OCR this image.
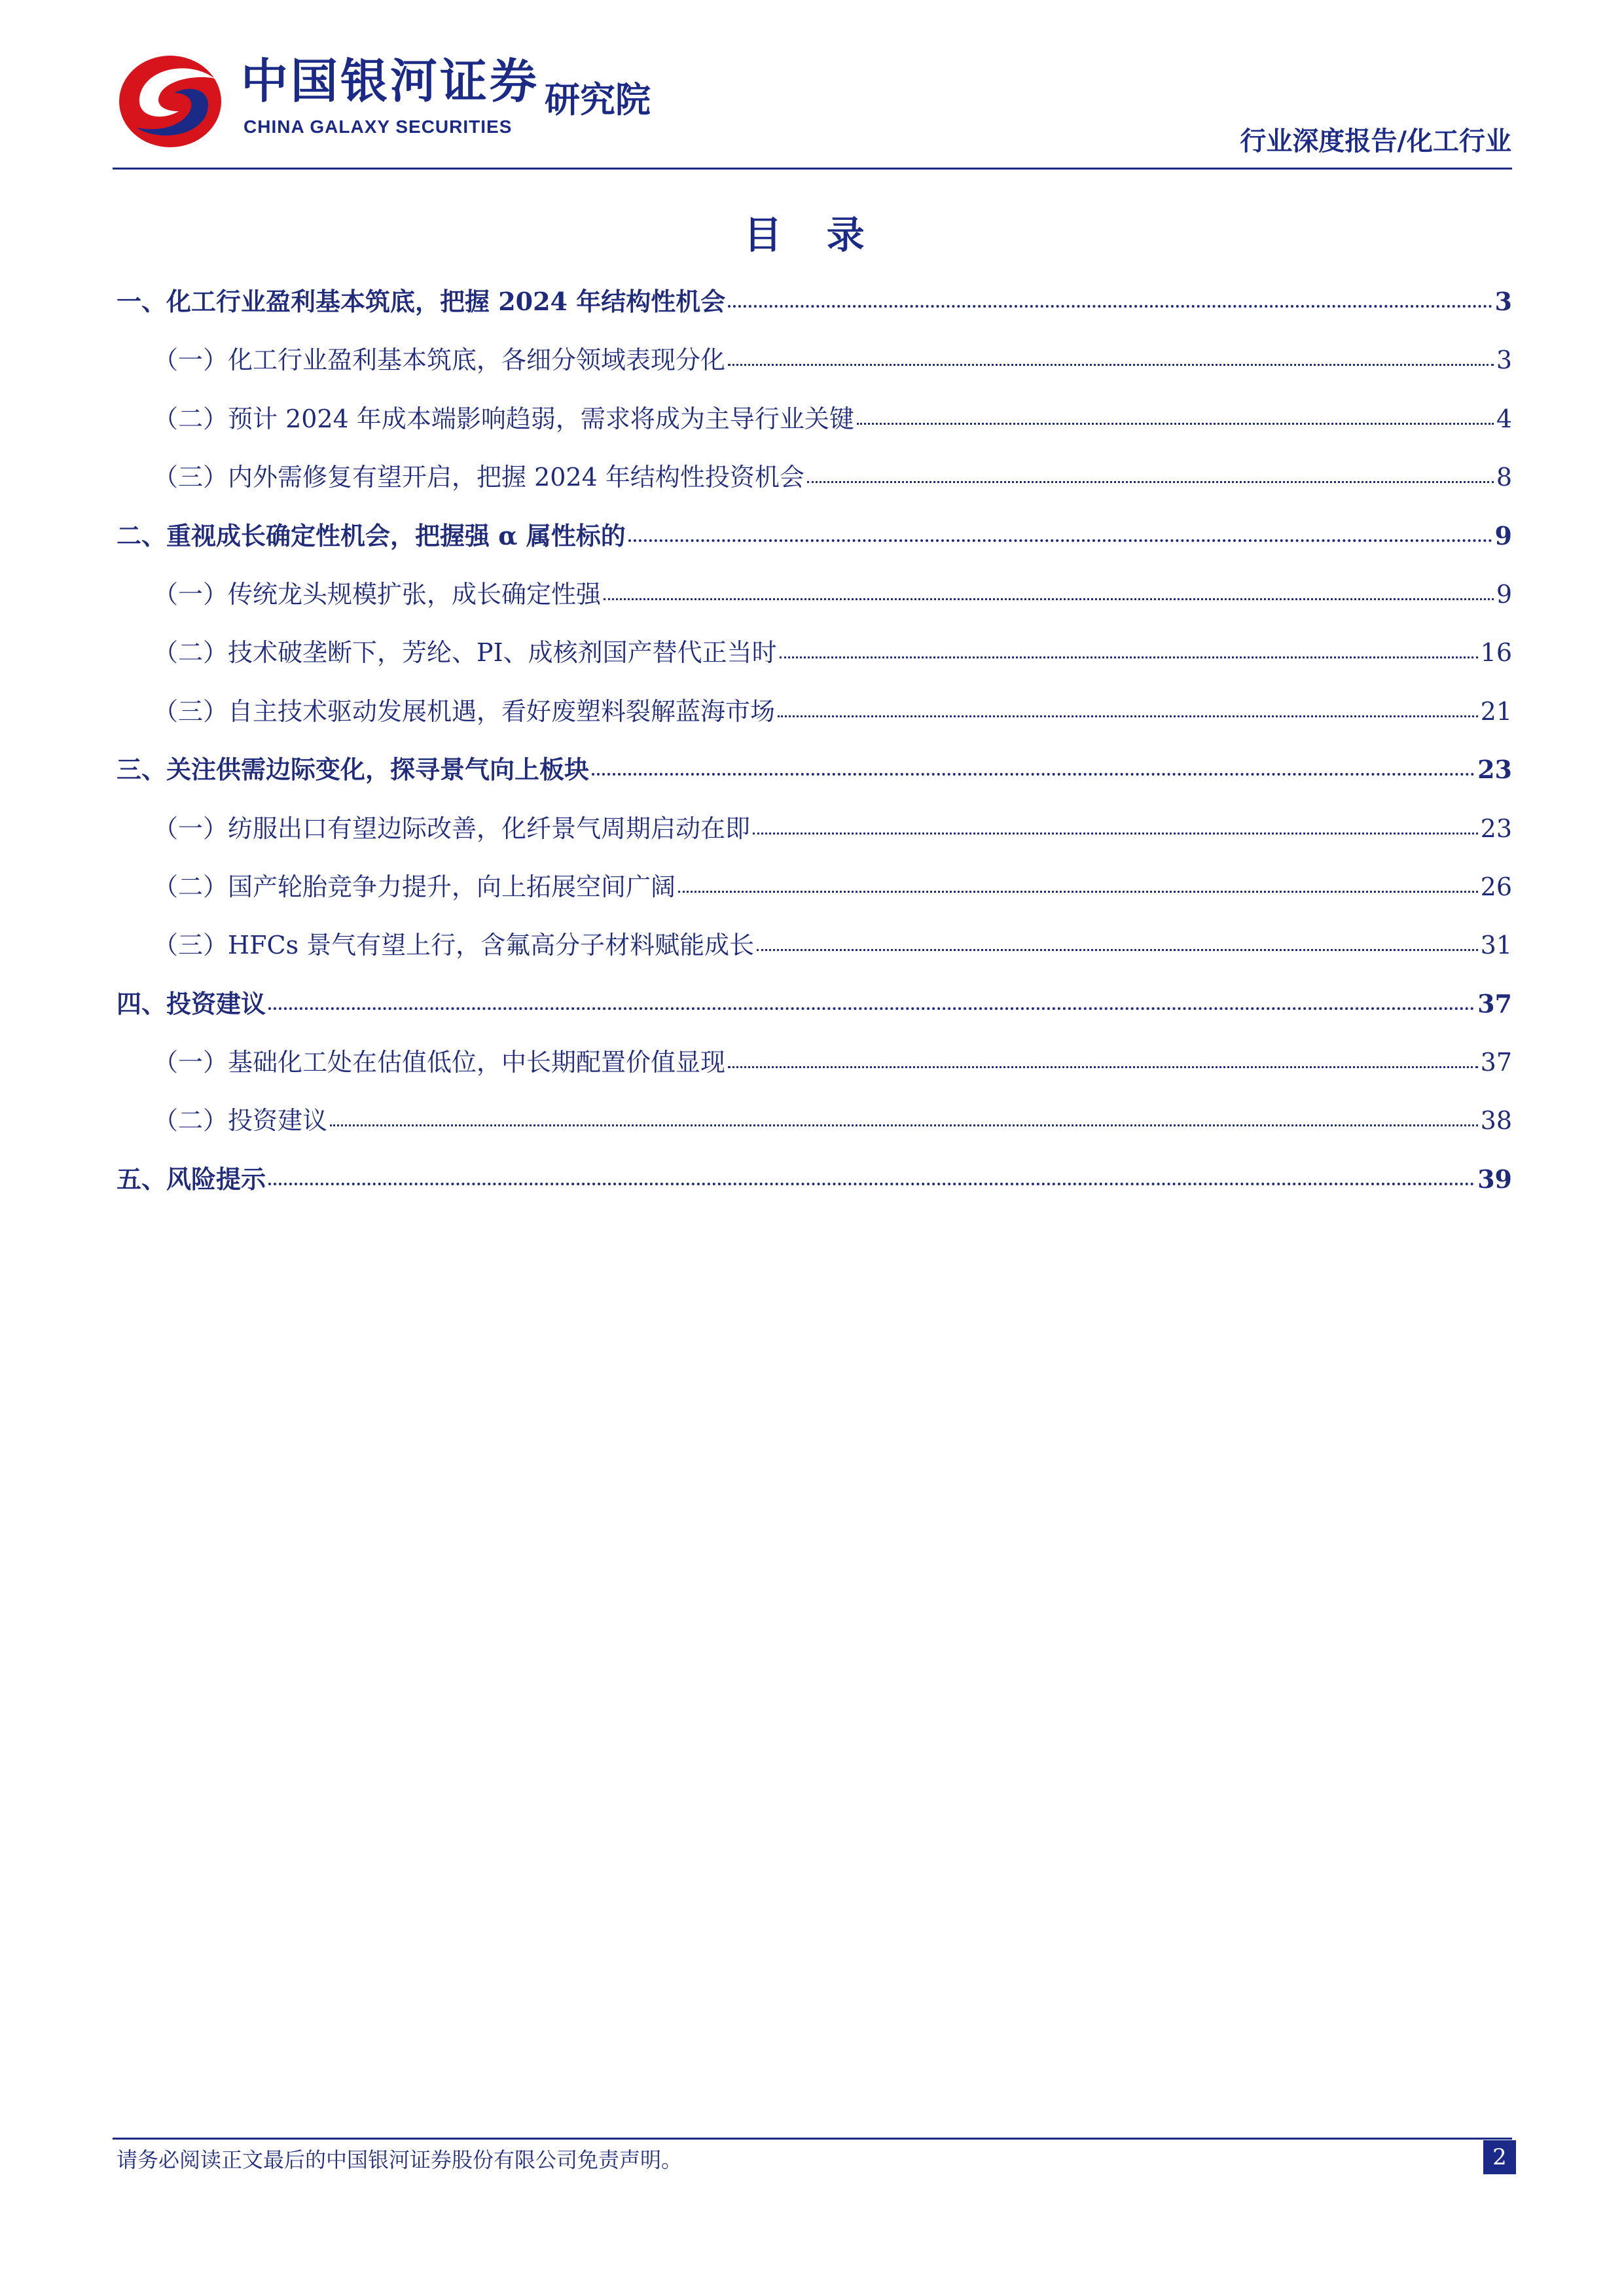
中国银河证券
CHINA GALAXY SECURITIES
研究院
行业深度报告/化工行业
目 录
一、化工行业盈利基本筑底，把握 2024 年结构性机会	3
（一）化工行业盈利基本筑底，各细分领域表现分化	3
（二）预计 2024 年成本端影响趋弱，需求将成为主导行业关键	4
（三）内外需修复有望开启，把握 2024 年结构性投资机会	8
二、重视成长确定性机会，把握强 α 属性标的	9
（一）传统龙头规模扩张，成长确定性强	9
（二）技术破垄断下，芳纶、PI、成核剂国产替代正当时	16
（三）自主技术驱动发展机遇，看好废塑料裂解蓝海市场	21
三、关注供需边际变化，探寻景气向上板块	23
（一）纺服出口有望边际改善，化纤景气周期启动在即	23
（二）国产轮胎竞争力提升，向上拓展空间广阔	26
（三）HFCs 景气有望上行，含氟高分子材料赋能成长	31
四、投资建议	37
（一）基础化工处在估值低位，中长期配置价值显现	37
（二）投资建议	38
五、风险提示	39
请务必阅读正文最后的中国银河证券股份有限公司免责声明。	2
